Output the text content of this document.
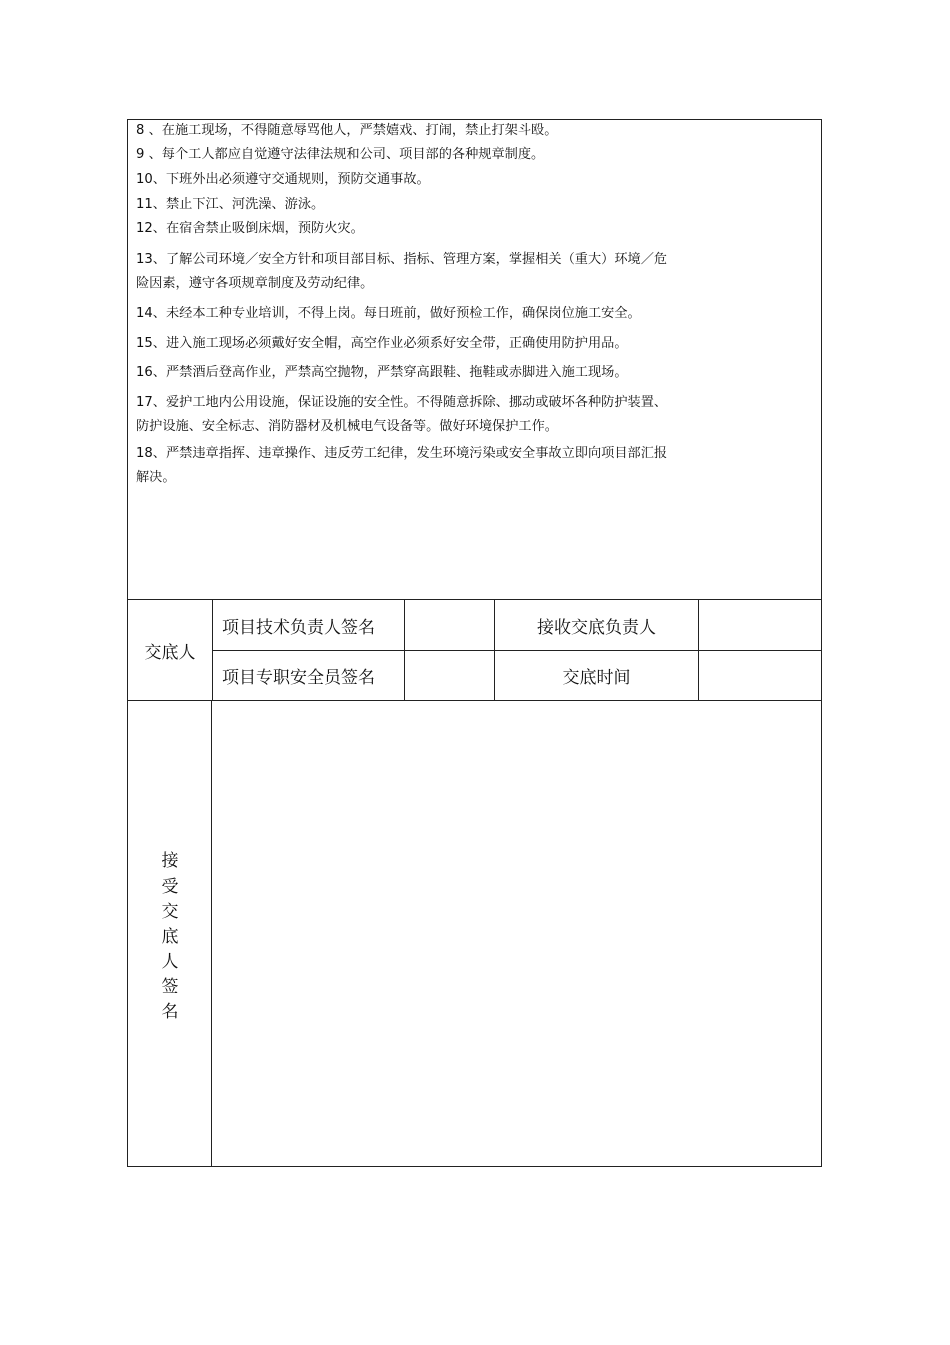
8 、在施工现场，不得随意辱骂他人，严禁嬉戏、打闹，禁止打架斗殴。
9 、每个工人都应自觉遵守法律法规和公司、项目部的各种规章制度。
10、下班外出必须遵守交通规则，预防交通事故。
11、禁止下江、河洗澡、游泳。
12、在宿舍禁止吸倒床烟，预防火灾。
13、了解公司环境／安全方针和项目部目标、指标、管理方案，掌握相关（重大）环境／危
险因素，遵守各项规章制度及劳动纪律。
14、未经本工种专业培训，不得上岗。每日班前，做好预检工作，确保岗位施工安全。
15、进入施工现场必须戴好安全帽，高空作业必须系好安全带，正确使用防护用品。
16、严禁酒后登高作业，严禁高空抛物，严禁穿高跟鞋、拖鞋或赤脚进入施工现场。
17、爱护工地内公用设施，保证设施的安全性。不得随意拆除、挪动或破坏各种防护装置、
防护设施、安全标志、消防器材及机械电气设备等。做好环境保护工作。
18、严禁违章指挥、违章操作、违反劳工纪律，发生环境污染或安全事故立即向项目部汇报
解决。
交底人
项目技术负责人签名	接收交底负责人
项目专职安全员签名	交底时间
接
受
交
底
人
签
名
